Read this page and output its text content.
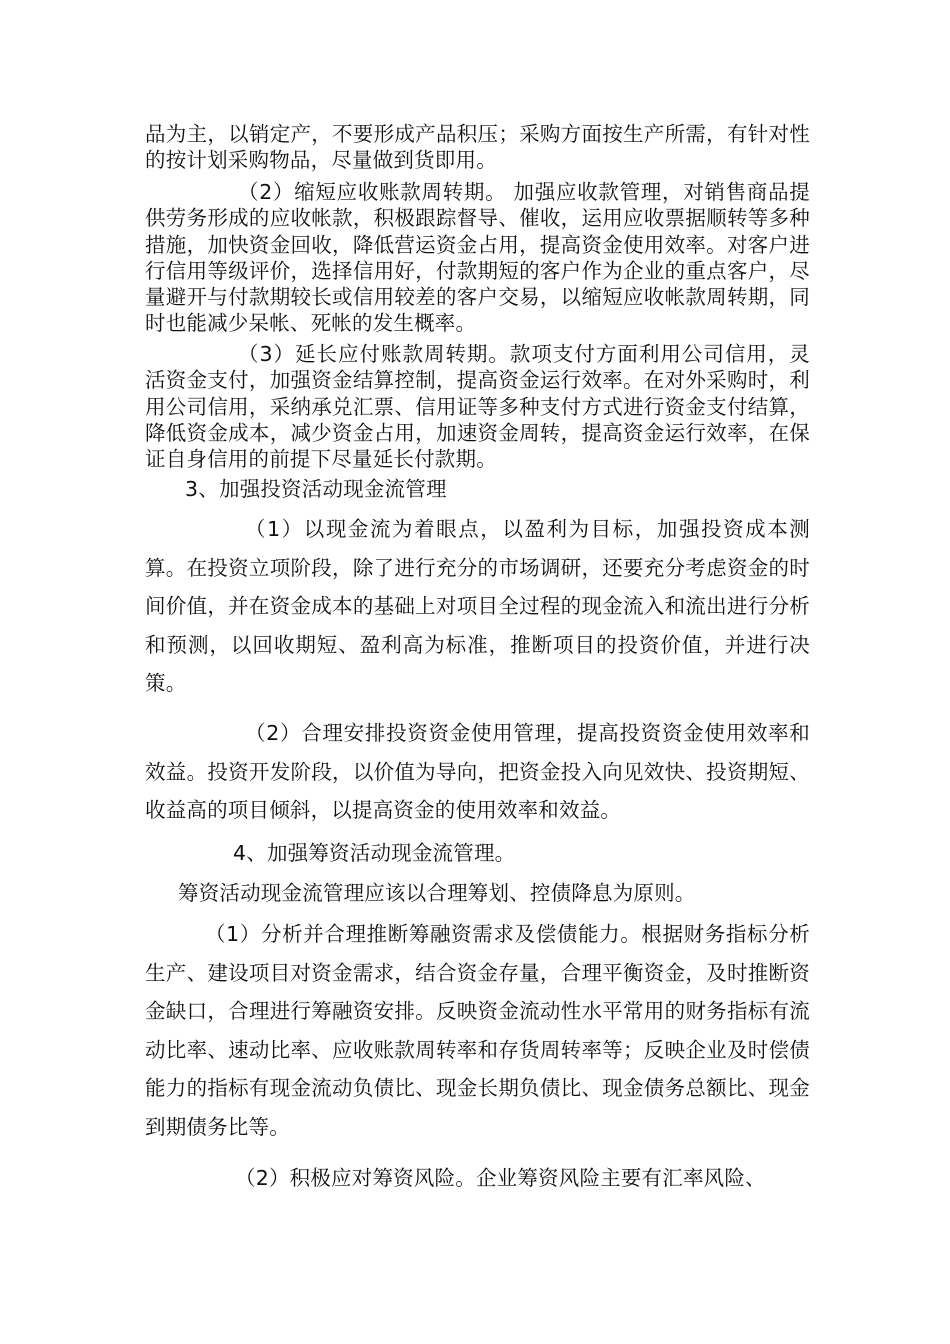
品为主，以销定产，不要形成产品积压；采购方面按生产所需，有针对性的按计划采购物品，尽量做到货即用。

（2）缩短应收账款周转期。 加强应收款管理，对销售商品提供劳务形成的应收帐款，积极跟踪督导、催收，运用应收票据顺转等多种措施，加快资金回收，降低营运资金占用，提高资金使用效率。对客户进行信用等级评价，选择信用好，付款期短的客户作为企业的重点客户，尽量避开与付款期较长或信用较差的客户交易，以缩短应收帐款周转期，同时也能减少呆帐、死帐的发生概率。

（3）延长应付账款周转期。款项支付方面利用公司信用，灵活资金支付，加强资金结算控制，提高资金运行效率。在对外采购时，利用公司信用，采纳承兑汇票、信用证等多种支付方式进行资金支付结算，降低资金成本，减少资金占用，加速资金周转，提高资金运行效率，在保证自身信用的前提下尽量延长付款期。

3、加强投资活动现金流管理

（1）以现金流为着眼点，以盈利为目标，加强投资成本测算。在投资立项阶段，除了进行充分的市场调研，还要充分考虑资金的时间价值，并在资金成本的基础上对项目全过程的现金流入和流出进行分析和预测，以回收期短、盈利高为标准，推断项目的投资价值，并进行决策。

（2）合理安排投资资金使用管理，提高投资资金使用效率和效益。投资开发阶段，以价值为导向，把资金投入向见效快、投资期短、收益高的项目倾斜，以提高资金的使用效率和效益。

4、加强筹资活动现金流管理。

筹资活动现金流管理应该以合理筹划、控债降息为原则。

（1）分析并合理推断筹融资需求及偿债能力。根据财务指标分析生产、建设项目对资金需求，结合资金存量，合理平衡资金，及时推断资金缺口，合理进行筹融资安排。反映资金流动性水平常用的财务指标有流动比率、速动比率、应收账款周转率和存货周转率等；反映企业及时偿债能力的指标有现金流动负债比、现金长期负债比、现金债务总额比、现金到期债务比等。

（2）积极应对筹资风险。企业筹资风险主要有汇率风险、
